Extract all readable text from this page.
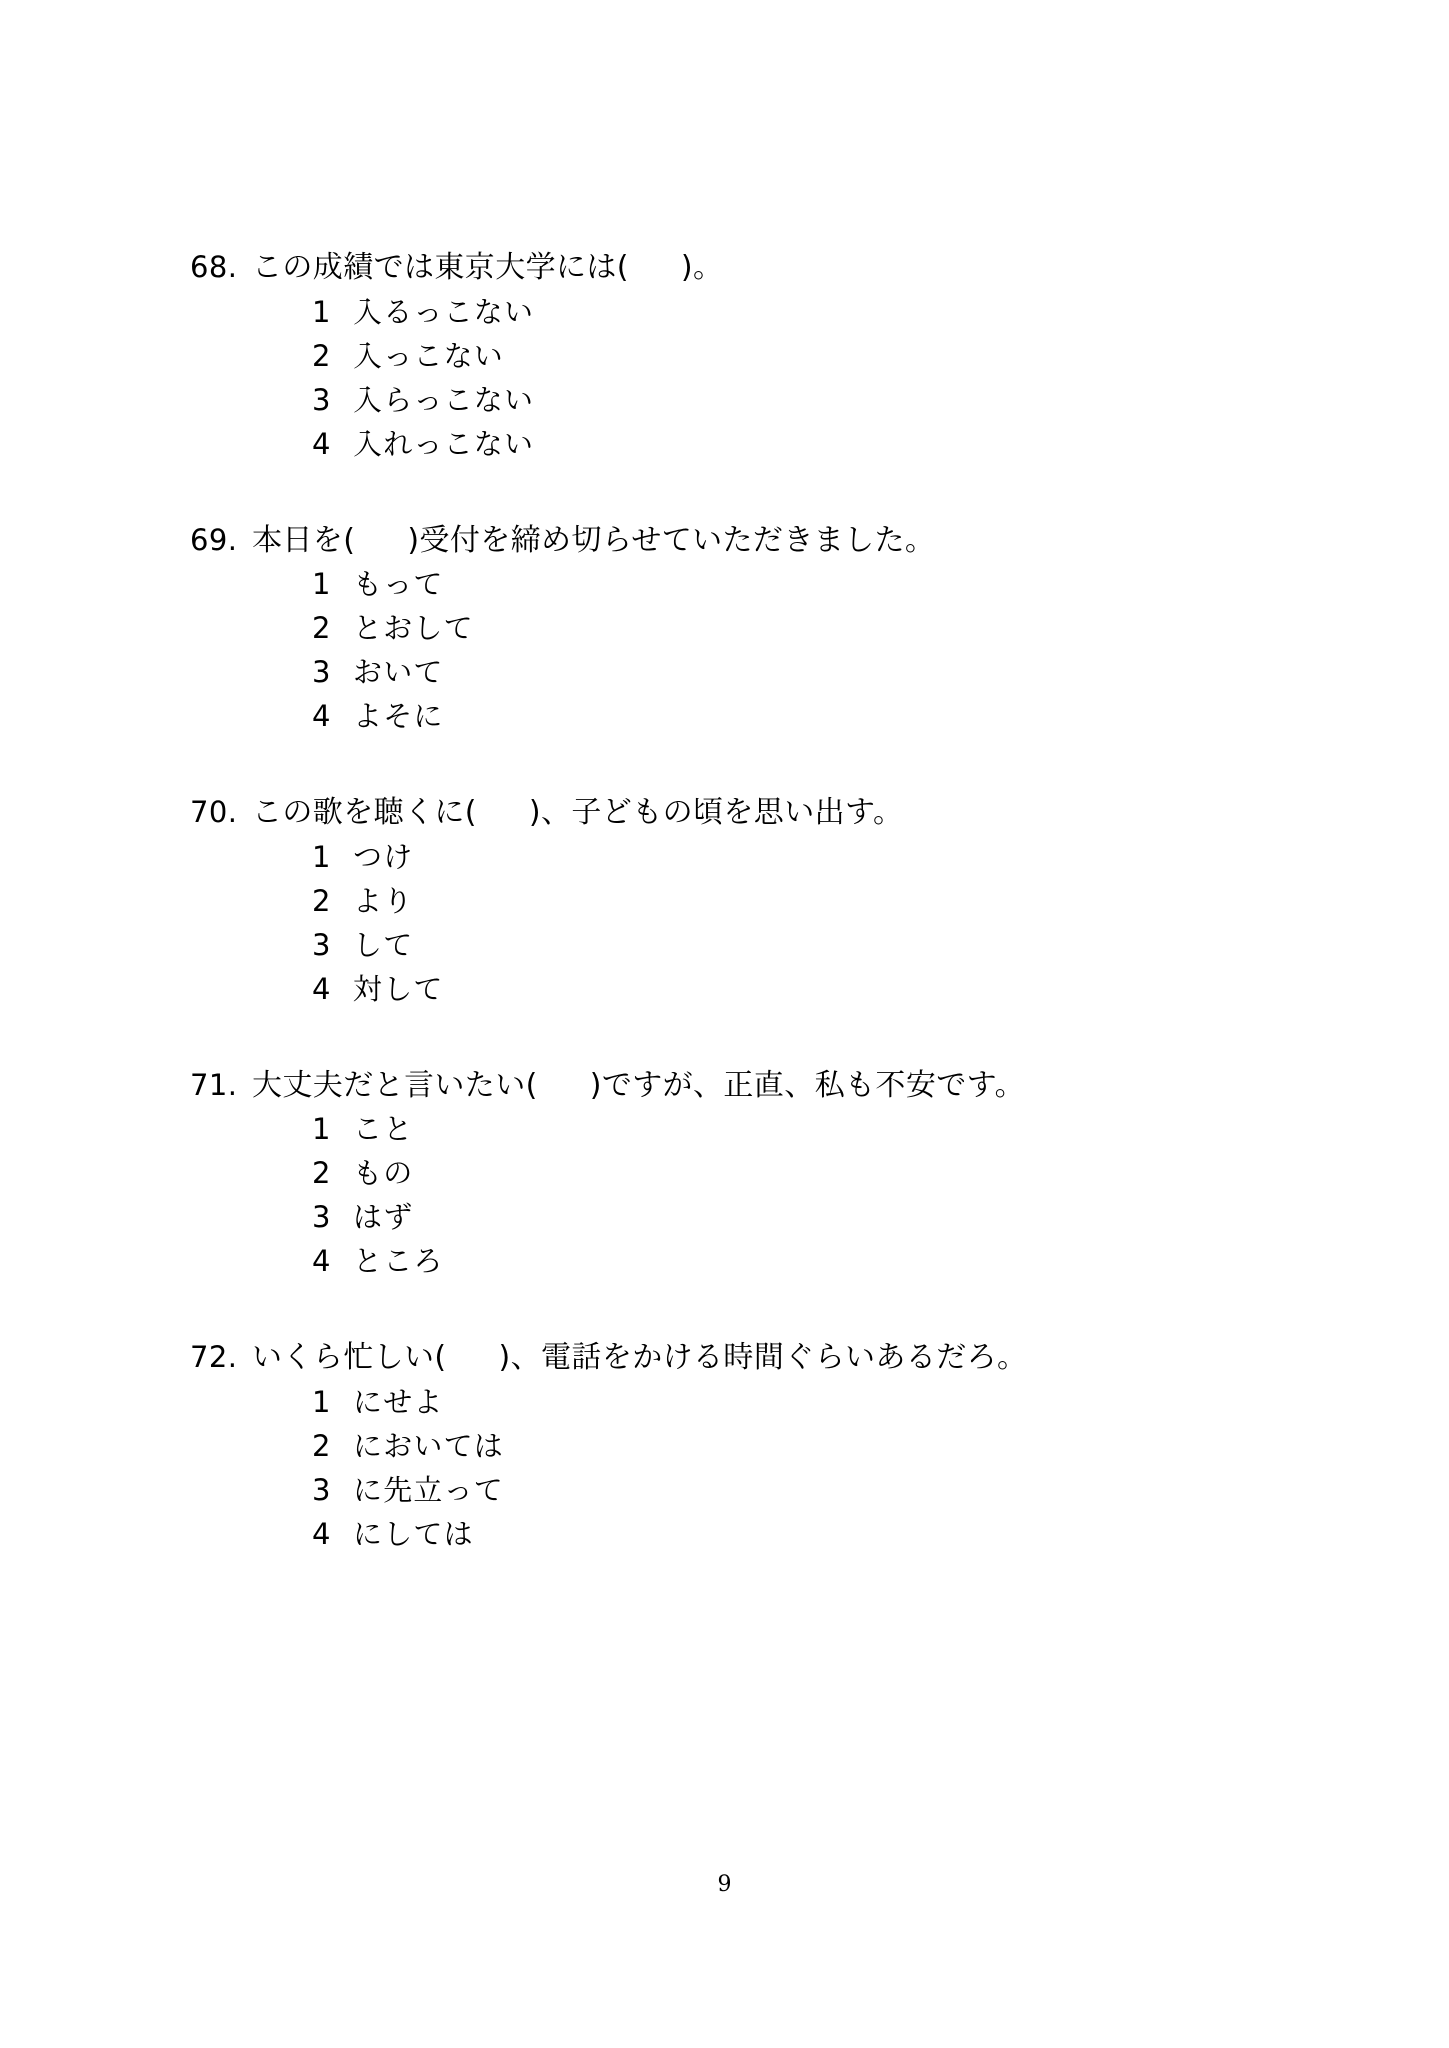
68. この成績では東京大学には( )。
1 入るっこない
2 入っこない
3 入らっこない
4 入れっこない
69. 本日を( )受付を締め切らせていただきました。
1 もって
2 とおして
3 おいて
4 よそに
70. この歌を聴くに( )、子どもの頃を思い出す。
1 つけ
2 より
3 して
4 対して
71. 大丈夫だと言いたい( )ですが、正直、私も不安です。
1 こと
2 もの
3 はず
4 ところ
72. いくら忙しい( )、電話をかける時間ぐらいあるだろ。
1 にせよ
2 においては
3 に先立って
4 にしては
9
